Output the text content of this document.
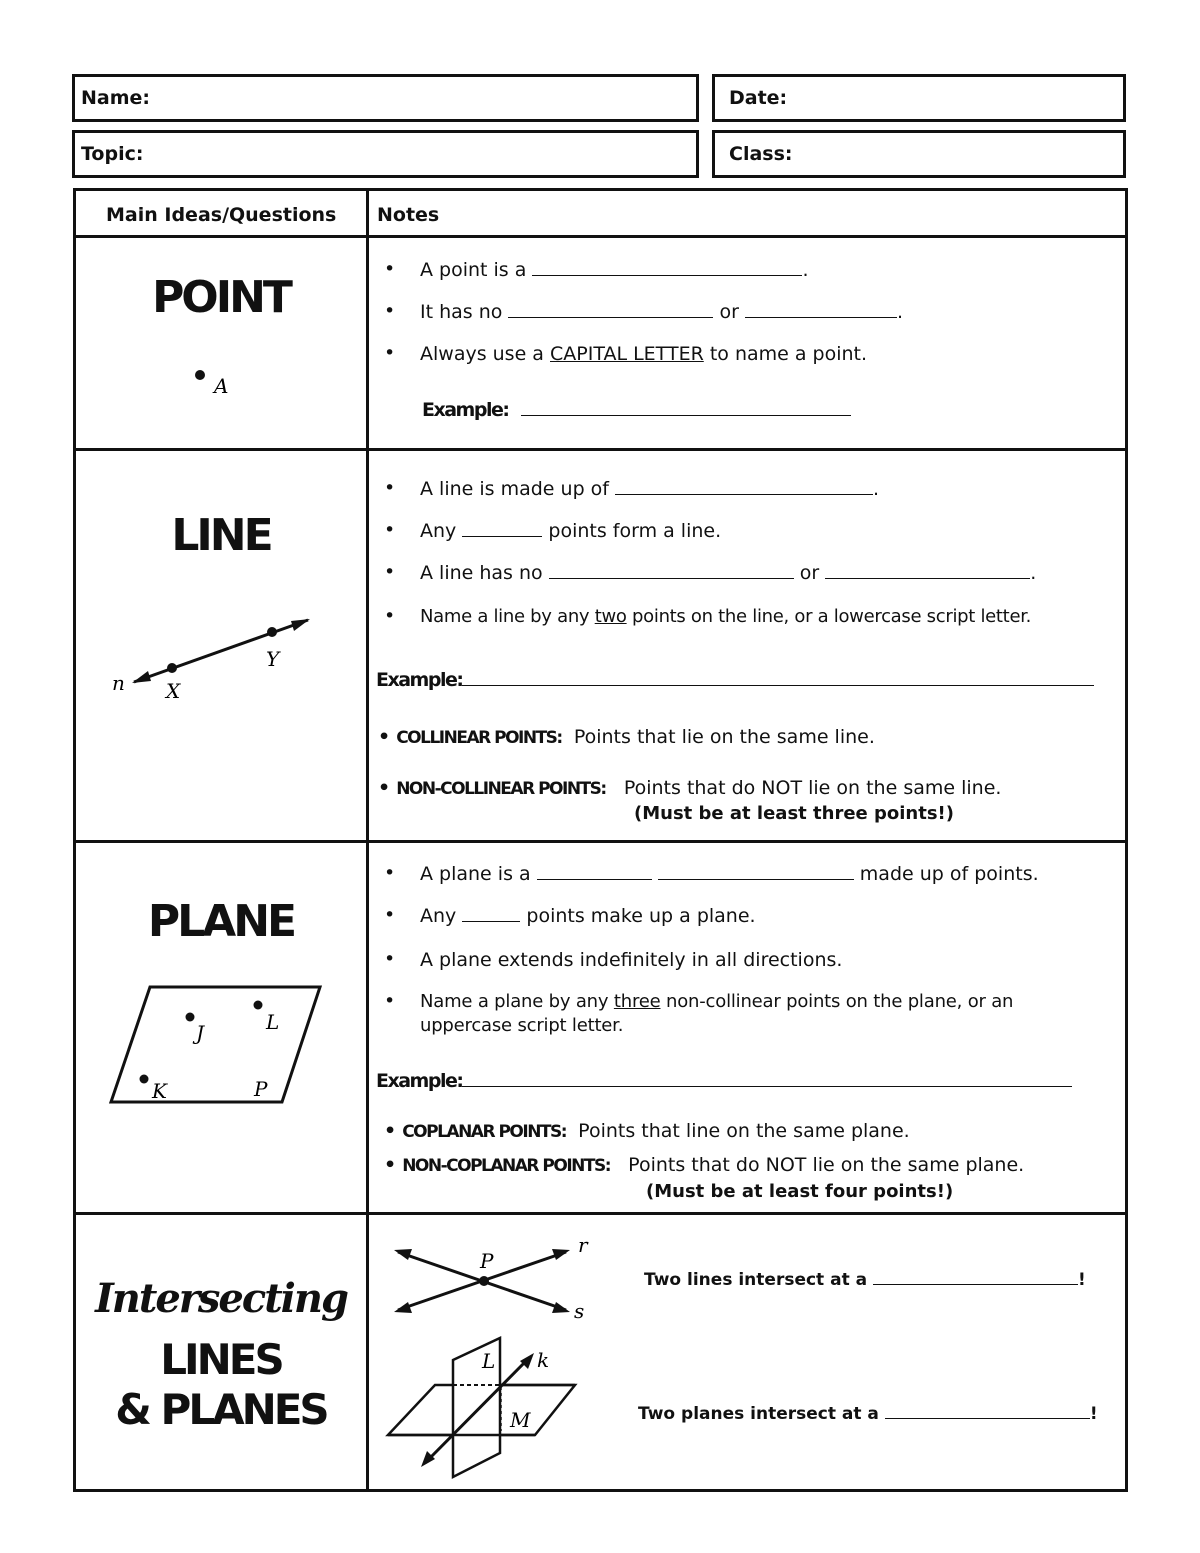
Name:	Date:
Topic:	Class:
Main Ideas/Questions Notes
POINT
A
• A point is a	.
• It has no	or	.
• Always use a CAPITAL LETTER to name a point.
Example:
LINE
n X
Y
• A line is made up of	.
• Any	points form a line.
• A line has no	or	.
• Name a line by any two points on the line, or a lowercase script letter.
Example:
• COLLINEAR POINTS: Points that lie on the same line.
• NON-COLLINEAR POINTS: Points that do NOT lie on the same line.
(Must be at least three points!)
PLANE
J	L
K	P
• A plane is a	made up of points.
• Any	points make up a plane.
• A plane extends indefinitely in all directions.
• Name a plane by any three non-collinear points on the plane, or an
uppercase script letter.
Example:
• COPLANAR POINTS: Points that line on the same plane.
• NON-COPLANAR POINTS: Points that do NOT lie on the same plane.
(Must be at least four points!)
Intersecting
LINES
& PLANES
P
r
s
L k
M
Two lines intersect at a	!
Two planes intersect at a	!
